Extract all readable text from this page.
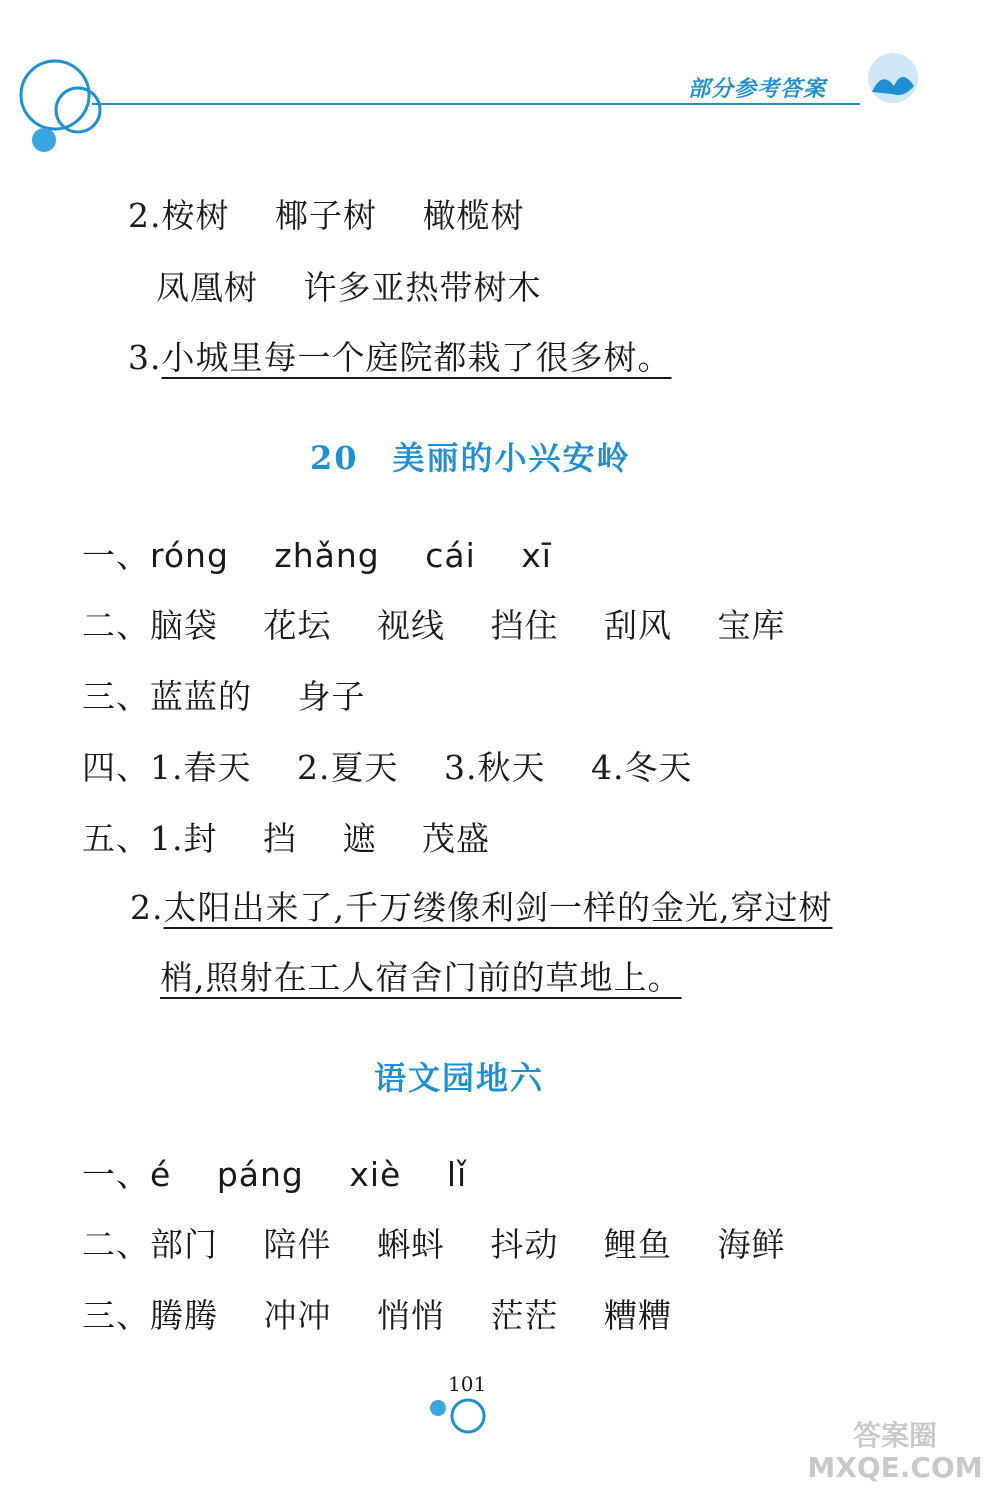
部分参考答案
2.桉树 椰子树 橄榄树
凤凰树 许多亚热带树木
3.小城里每一个庭院都栽了很多树。
20 美丽的小兴安岭
一、róng zhǎng cái xī
二、脑袋 花坛 视线 挡住 刮风 宝库
三、蓝蓝的 身子
四、1.春天 2.夏天 3.秋天 4.冬天
五、1.封 挡 遮 茂盛
2.太阳出来了,千万缕像利剑一样的金光,穿过树
梢,照射在工人宿舍门前的草地上。
语文园地六
一、é páng xiè lǐ
二、部门 陪伴 蝌蚪 抖动 鲤鱼 海鲜
三、腾腾 冲冲 悄悄 茫茫 糟糟
101
答案圈 MXQE.COM
